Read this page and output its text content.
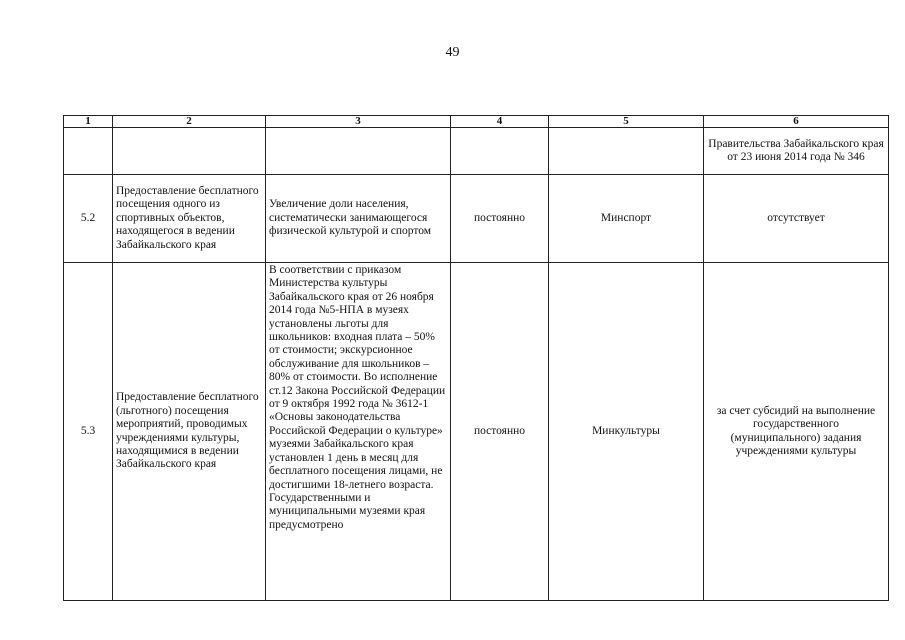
49
1	2	3	4	5	6
					Правительства Забайкальского края от 23 июня 2014 года № 346
5.2	Предоставление бесплатного посещения одного из спортивных объектов, находящегося в ведении Забайкальского края	Увеличение доли населения, систематически занимающегося физической культурой и спортом	постоянно	Минспорт	отсутствует
5.3	Предоставление бесплатного (льготного) посещения мероприятий, проводимых учреждениями культуры, находящимися в ведении Забайкальского края	В соответствии с приказом Министерства культуры Забайкальского края от 26 ноября 2014 года №5-НПА в музеях установлены льготы для школьников: входная плата – 50% от стоимости; экскурсионное обслуживание для школьников – 80% от стоимости. Во исполнение ст.12 Закона Российской Федерации от 9 октября 1992 года № 3612-1 «Основы законодательства Российской Федерации о культуре» музеями Забайкальского края установлен 1 день в месяц для бесплатного посещения лицами, не достигшими 18-летнего возраста. Государственными и муниципальными музеями края предусмотрено	постоянно	Минкультуры	за счет субсидий на выполнение государственного (муниципального) задания учреждениями культуры
